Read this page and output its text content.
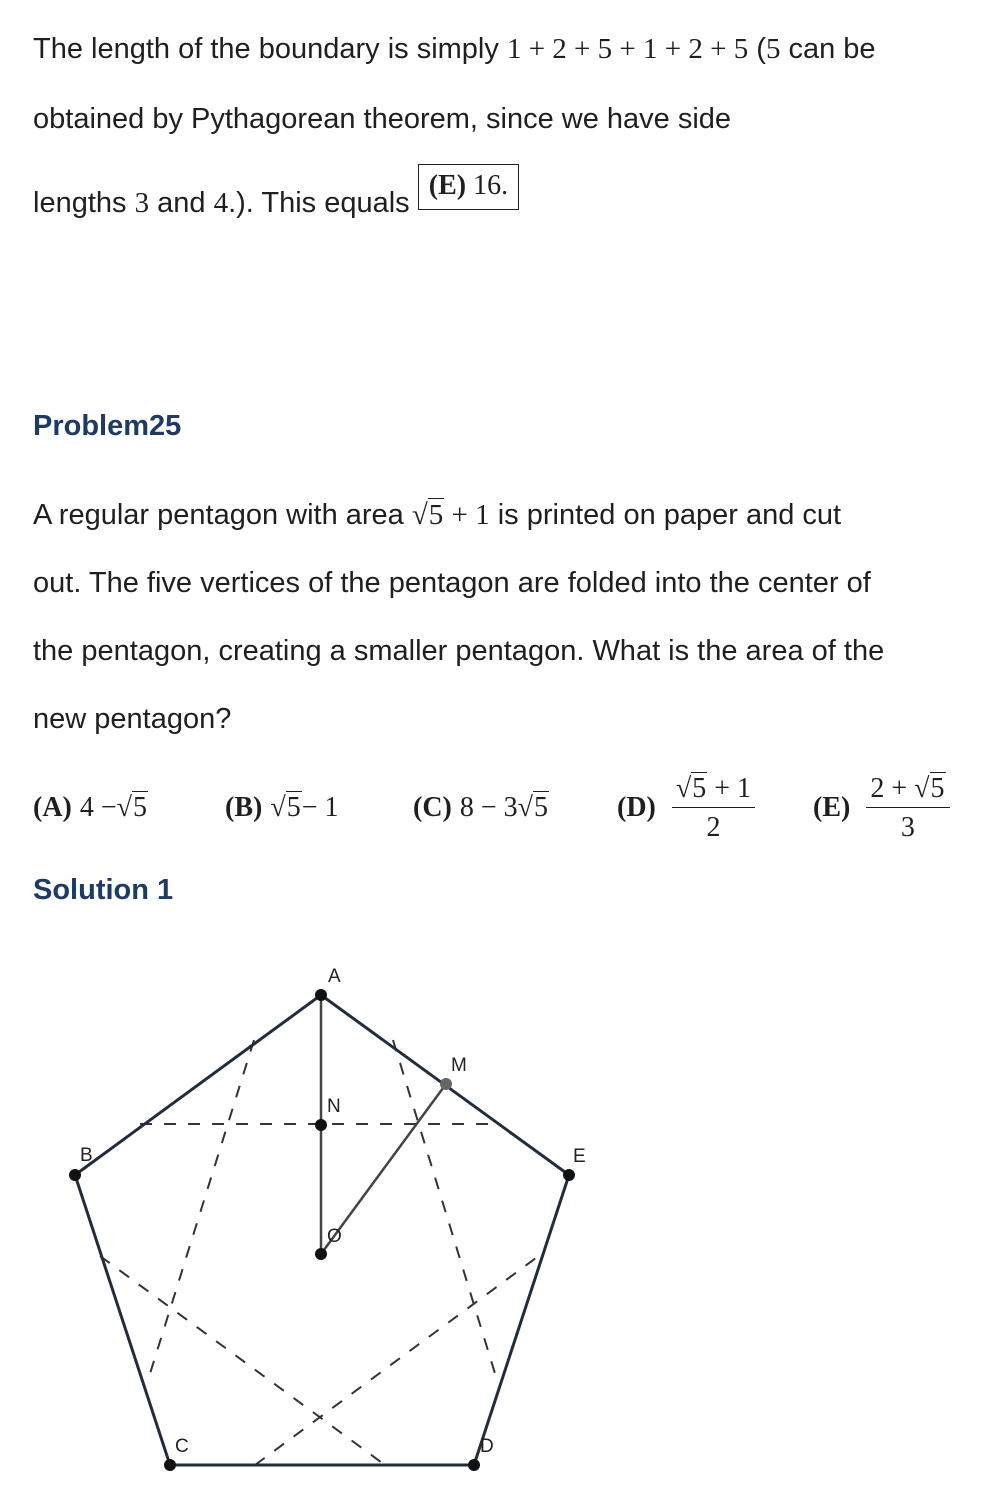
The length of the boundary is simply 1 + 2 + 5 + 1 + 2 + 5 (5 can be
obtained by Pythagorean theorem, since we have side
lengths 3 and 4.). This equals (E) 16.
Problem25
A regular pentagon with area √5 + 1 is printed on paper and cut
out. The five vertices of the pentagon are folded into the center of
the pentagon, creating a smaller pentagon. What is the area of the
new pentagon?
(A) 4 − √ 5	(B) √ 5 − 1	(C) 8 − 3 √ 5 $(D) \frac{√5 + 1}{2} (E) \frac{2 + √5}{3}$
Solution 1
A
B
C	D
E
M
N
O
